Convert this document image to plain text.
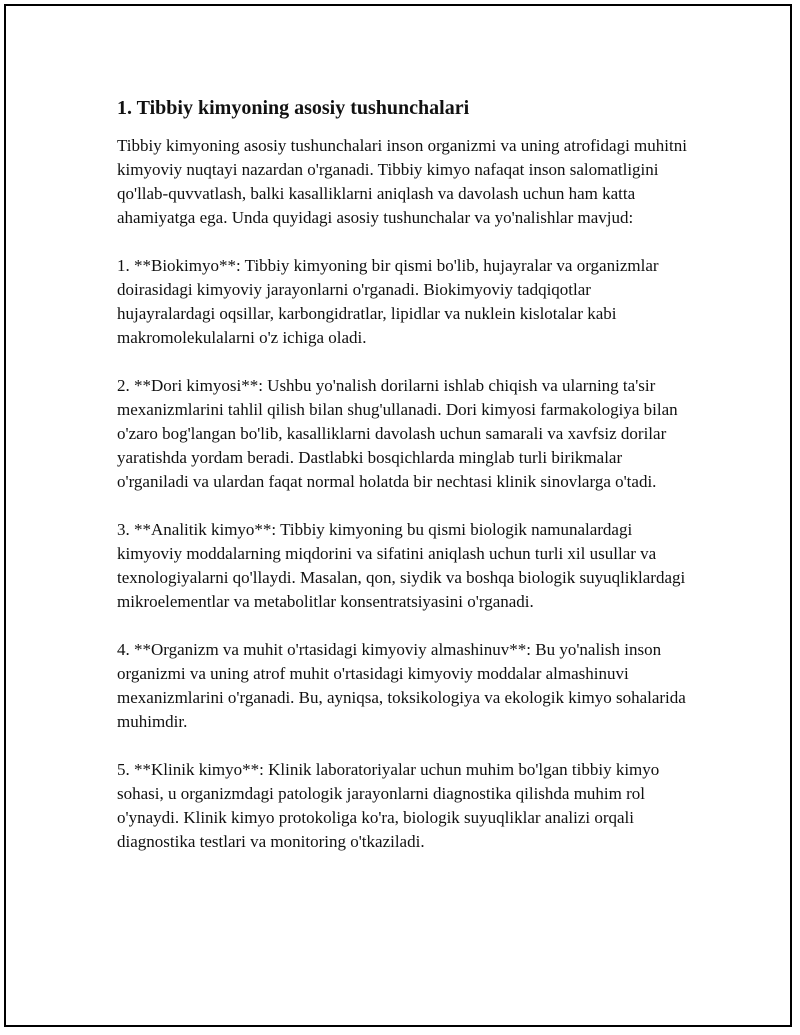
1. Tibbiy kimyoning asosiy tushunchalari

Tibbiy kimyoning asosiy tushunchalari inson organizmi va uning atrofidagi muhitni kimyoviy nuqtayi nazardan o'rganadi. Tibbiy kimyo nafaqat inson salomatligini qo'llab-quvvatlash, balki kasalliklarni aniqlash va davolash uchun ham katta ahamiyatga ega. Unda quyidagi asosiy tushunchalar va yo'nalishlar mavjud:

1. **Biokimyo**: Tibbiy kimyoning bir qismi bo'lib, hujayralar va organizmlar doirasidagi kimyoviy jarayonlarni o'rganadi. Biokimyoviy tadqiqotlar hujayralardagi oqsillar, karbongidratlar, lipidlar va nuklein kislotalar kabi makromolekulalarni o'z ichiga oladi.

2. **Dori kimyosi**: Ushbu yo'nalish dorilarni ishlab chiqish va ularning ta'sir mexanizmlarini tahlil qilish bilan shug'ullanadi. Dori kimyosi farmakologiya bilan o'zaro bog'langan bo'lib, kasalliklarni davolash uchun samarali va xavfsiz dorilar yaratishda yordam beradi. Dastlabki bosqichlarda minglab turli birikmalar o'rganiladi va ulardan faqat normal holatda bir nechtasi klinik sinovlarga o'tadi.

3. **Analitik kimyo**: Tibbiy kimyoning bu qismi biologik namunalardagi kimyoviy moddalarning miqdorini va sifatini aniqlash uchun turli xil usullar va texnologiyalarni qo'llaydi. Masalan, qon, siydik va boshqa biologik suyuqliklardagi mikroelementlar va metabolitlar konsentratsiyasini o'rganadi.

4. **Organizm va muhit o'rtasidagi kimyoviy almashinuv**: Bu yo'nalish inson organizmi va uning atrof muhit o'rtasidagi kimyoviy moddalar almashinuvi mexanizmlarini o'rganadi. Bu, ayniqsa, toksikologiya va ekologik kimyo sohalarida muhimdir.

5. **Klinik kimyo**: Klinik laboratoriyalar uchun muhim bo'lgan tibbiy kimyo sohasi, u organizmdagi patologik jarayonlarni diagnostika qilishda muhim rol o'ynaydi. Klinik kimyo protokoliga ko'ra, biologik suyuqliklar analizi orqali diagnostika testlari va monitoring o'tkaziladi.
